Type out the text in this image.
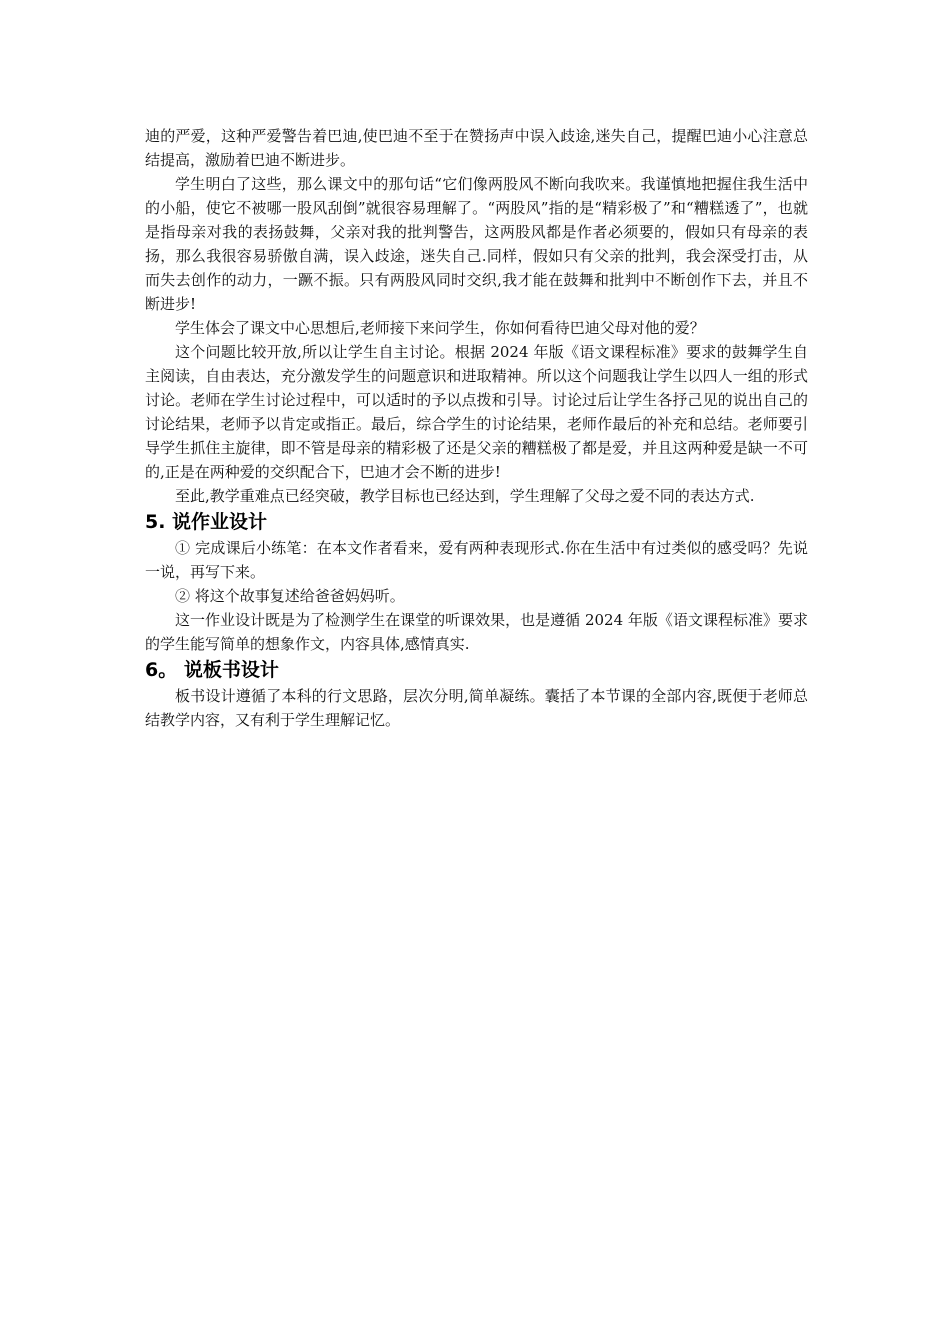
迪的严爱，这种严爱警告着巴迪,使巴迪不至于在赞扬声中误入歧途,迷失自己，提醒巴迪小心注意总结提高，激励着巴迪不断进步。

学生明白了这些，那么课文中的那句话“它们像两股风不断向我吹来。我谨慎地把握住我生活中的小船，使它不被哪一股风刮倒”就很容易理解了。“两股风”指的是“精彩极了”和“糟糕透了”，也就是指母亲对我的表扬鼓舞，父亲对我的批判警告，这两股风都是作者必须要的，假如只有母亲的表扬，那么我很容易骄傲自满，误入歧途，迷失自己.同样，假如只有父亲的批判，我会深受打击，从而失去创作的动力，一蹶不振。只有两股风同时交织,我才能在鼓舞和批判中不断创作下去，并且不断进步!

学生体会了课文中心思想后,老师接下来问学生，你如何看待巴迪父母对他的爱？

这个问题比较开放,所以让学生自主讨论。根据 2024 年版《语文课程标准》要求的鼓舞学生自主阅读，自由表达，充分激发学生的问题意识和进取精神。所以这个问题我让学生以四人一组的形式讨论。老师在学生讨论过程中，可以适时的予以点拨和引导。讨论过后让学生各抒己见的说出自己的讨论结果，老师予以肯定或指正。最后，综合学生的讨论结果，老师作最后的补充和总结。老师要引导学生抓住主旋律，即不管是母亲的精彩极了还是父亲的糟糕极了都是爱，并且这两种爱是缺一不可的,正是在两种爱的交织配合下，巴迪才会不断的进步!

至此,教学重难点已经突破，教学目标也已经达到，学生理解了父母之爱不同的表达方式.

5. 说作业设计

① 完成课后小练笔：在本文作者看来，爱有两种表现形式.你在生活中有过类似的感受吗？先说一说，再写下来。

② 将这个故事复述给爸爸妈妈听。

这一作业设计既是为了检测学生在课堂的听课效果，也是遵循 2024 年版《语文课程标准》要求的学生能写简单的想象作文，内容具体,感情真实.

6。 说板书设计

板书设计遵循了本科的行文思路，层次分明,简单凝练。囊括了本节课的全部内容,既便于老师总结教学内容，又有利于学生理解记忆。
